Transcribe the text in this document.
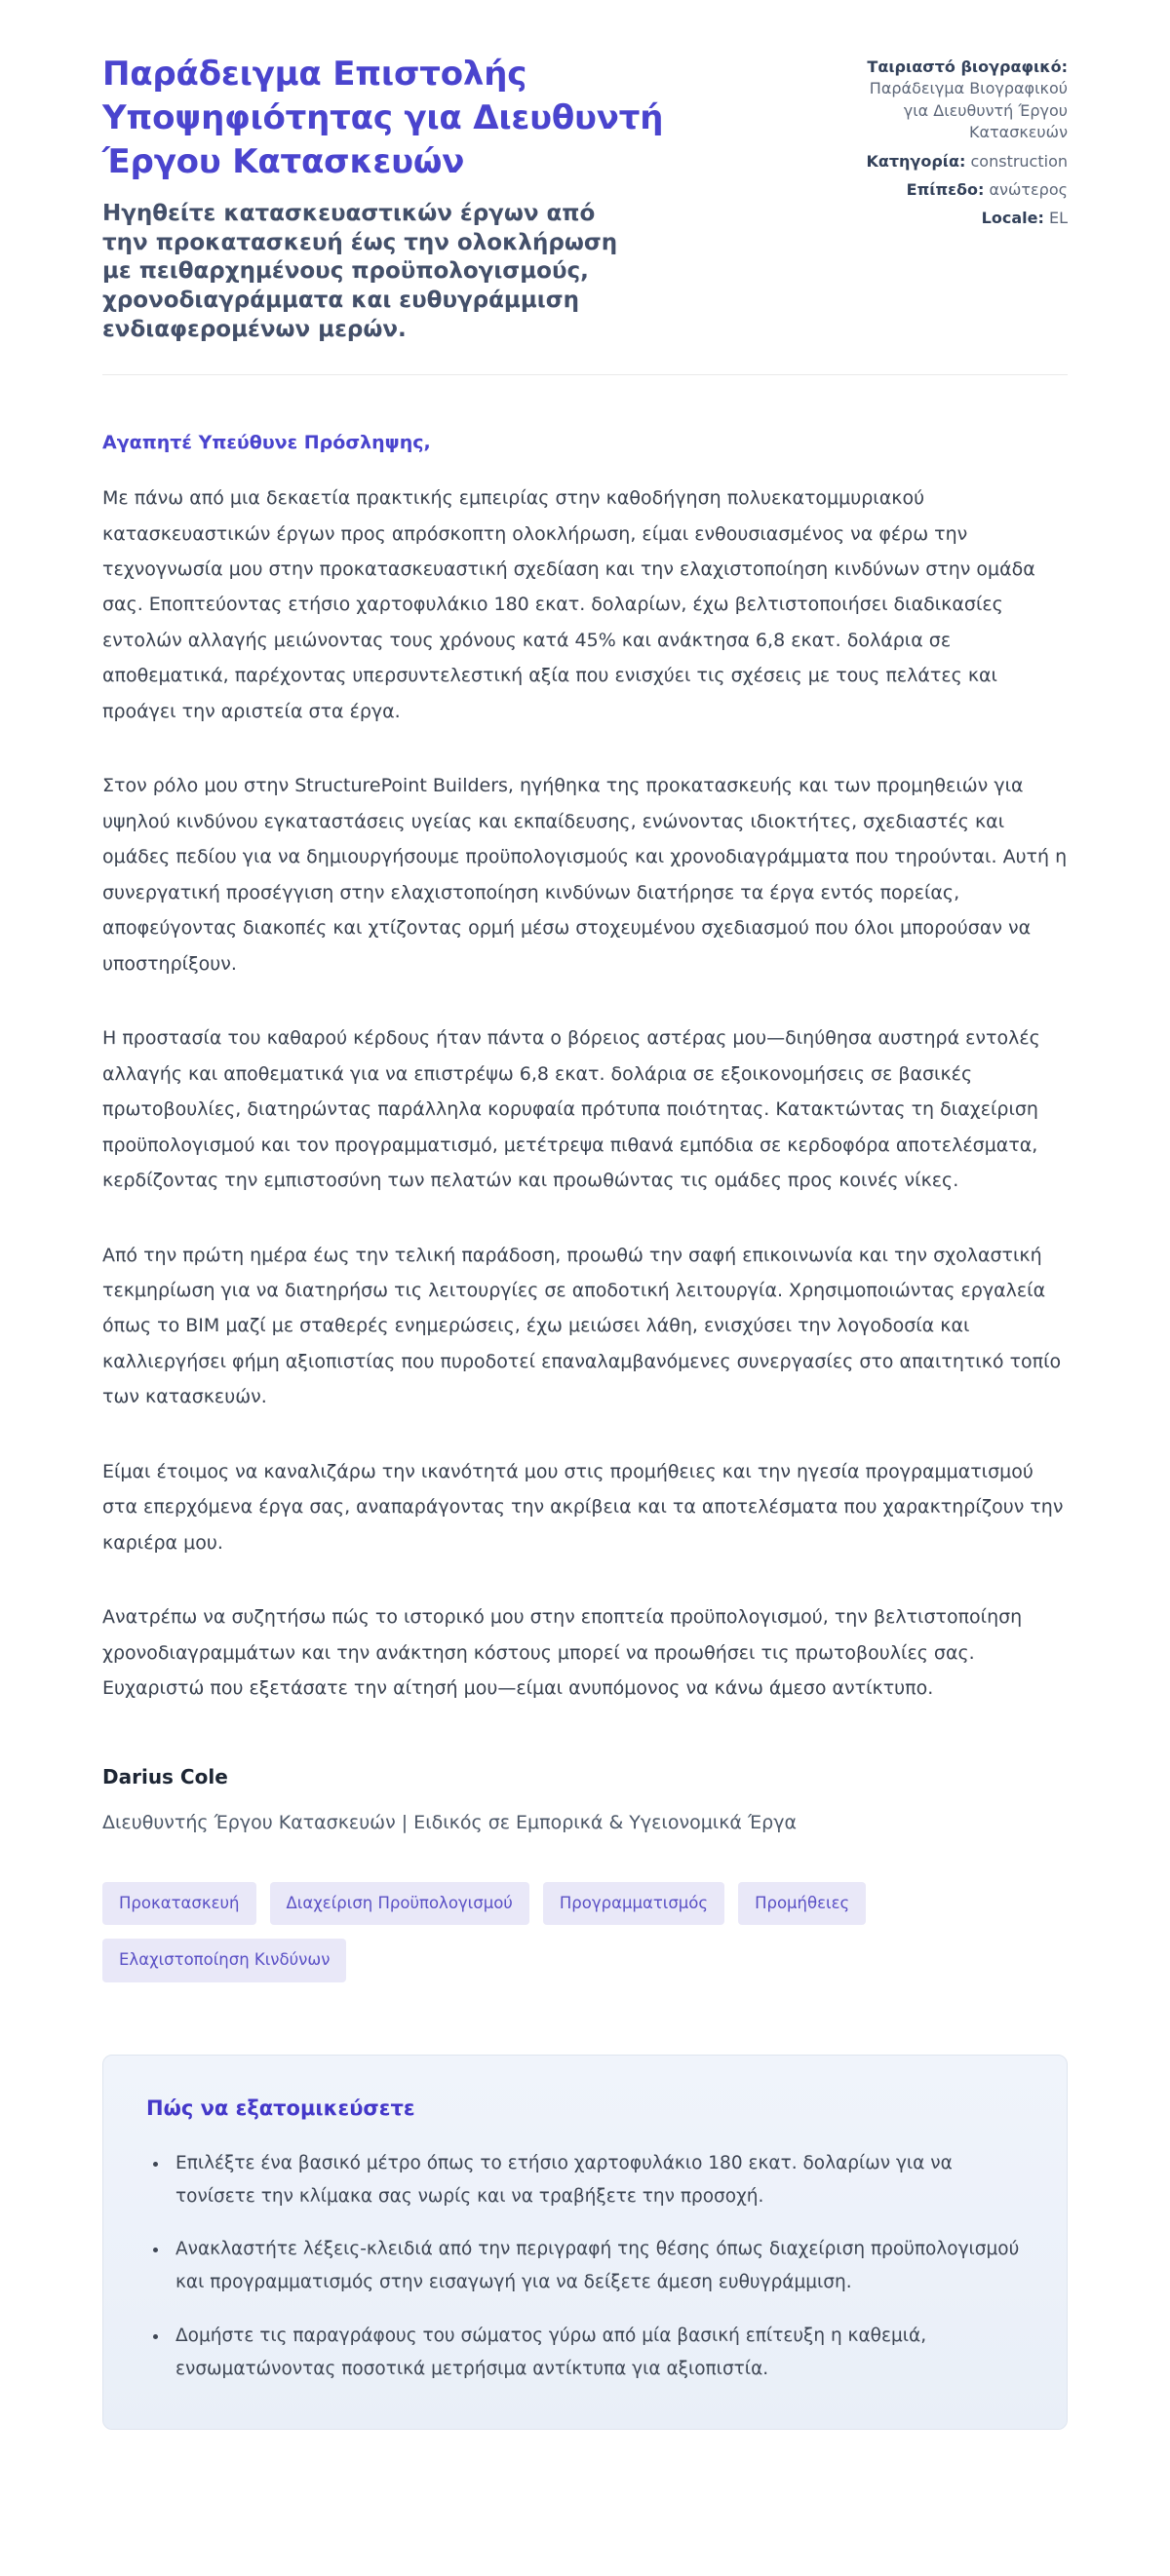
Παράδειγμα Επιστολής Υποψηφιότητας για Διευθυντή Έργου Κατασκευών

Ηγηθείτε κατασκευαστικών έργων από την προκατασκευή έως την ολοκλήρωση με πειθαρχημένους προϋπολογισμούς, χρονοδιαγράμματα και ευθυγράμμιση ενδιαφερομένων μερών.

Ταιριαστό βιογραφικό: Παράδειγμα Βιογραφικού για Διευθυντή Έργου Κατασκευών
Κατηγορία: construction
Επίπεδο: ανώτερος
Locale: EL

Αγαπητέ Υπεύθυνε Πρόσληψης,

Με πάνω από μια δεκαετία πρακτικής εμπειρίας στην καθοδήγηση πολυεκατομμυριακού κατασκευαστικών έργων προς απρόσκοπτη ολοκλήρωση, είμαι ενθουσιασμένος να φέρω την τεχνογνωσία μου στην προκατασκευαστική σχεδίαση και την ελαχιστοποίηση κινδύνων στην ομάδα σας. Εποπτεύοντας ετήσιο χαρτοφυλάκιο 180 εκατ. δολαρίων, έχω βελτιστοποιήσει διαδικασίες εντολών αλλαγής μειώνοντας τους χρόνους κατά 45% και ανάκτησα 6,8 εκατ. δολάρια σε αποθεματικά, παρέχοντας υπερσυντελεστική αξία που ενισχύει τις σχέσεις με τους πελάτες και προάγει την αριστεία στα έργα.

Στον ρόλο μου στην StructurePoint Builders, ηγήθηκα της προκατασκευής και των προμηθειών για υψηλού κινδύνου εγκαταστάσεις υγείας και εκπαίδευσης, ενώνοντας ιδιοκτήτες, σχεδιαστές και ομάδες πεδίου για να δημιουργήσουμε προϋπολογισμούς και χρονοδιαγράμματα που τηρούνται. Αυτή η συνεργατική προσέγγιση στην ελαχιστοποίηση κινδύνων διατήρησε τα έργα εντός πορείας, αποφεύγοντας διακοπές και χτίζοντας ορμή μέσω στοχευμένου σχεδιασμού που όλοι μπορούσαν να υποστηρίξουν.

Η προστασία του καθαρού κέρδους ήταν πάντα ο βόρειος αστέρας μου—διηύθησα αυστηρά εντολές αλλαγής και αποθεματικά για να επιστρέψω 6,8 εκατ. δολάρια σε εξοικονομήσεις σε βασικές πρωτοβουλίες, διατηρώντας παράλληλα κορυφαία πρότυπα ποιότητας. Κατακτώντας τη διαχείριση προϋπολογισμού και τον προγραμματισμό, μετέτρεψα πιθανά εμπόδια σε κερδοφόρα αποτελέσματα, κερδίζοντας την εμπιστοσύνη των πελατών και προωθώντας τις ομάδες προς κοινές νίκες.

Από την πρώτη ημέρα έως την τελική παράδοση, προωθώ την σαφή επικοινωνία και την σχολαστική τεκμηρίωση για να διατηρήσω τις λειτουργίες σε αποδοτική λειτουργία. Χρησιμοποιώντας εργαλεία όπως το BIM μαζί με σταθερές ενημερώσεις, έχω μειώσει λάθη, ενισχύσει την λογοδοσία και καλλιεργήσει φήμη αξιοπιστίας που πυροδοτεί επαναλαμβανόμενες συνεργασίες στο απαιτητικό τοπίο των κατασκευών.

Είμαι έτοιμος να καναλιζάρω την ικανότητά μου στις προμήθειες και την ηγεσία προγραμματισμού στα επερχόμενα έργα σας, αναπαράγοντας την ακρίβεια και τα αποτελέσματα που χαρακτηρίζουν την καριέρα μου.

Ανατρέπω να συζητήσω πώς το ιστορικό μου στην εποπτεία προϋπολογισμού, την βελτιστοποίηση χρονοδιαγραμμάτων και την ανάκτηση κόστους μπορεί να προωθήσει τις πρωτοβουλίες σας. Ευχαριστώ που εξετάσατε την αίτησή μου—είμαι ανυπόμονος να κάνω άμεσο αντίκτυπο.

Darius Cole

Διευθυντής Έργου Κατασκευών | Ειδικός σε Εμπορικά & Υγειονομικά Έργα

Προκατασκευή	Διαχείριση Προϋπολογισμού	Προγραμματισμός	Προμήθειες
Ελαχιστοποίηση Κινδύνων
Πώς να εξατομικεύσετε
• Επιλέξτε ένα βασικό μέτρο όπως το ετήσιο χαρτοφυλάκιο 180 εκατ. δολαρίων για να τονίσετε την κλίμακα σας νωρίς και να τραβήξετε την προσοχή.
• Ανακλαστήτε λέξεις-κλειδιά από την περιγραφή της θέσης όπως διαχείριση προϋπολογισμού και προγραμματισμός στην εισαγωγή για να δείξετε άμεση ευθυγράμμιση.
• Δομήστε τις παραγράφους του σώματος γύρω από μία βασική επίτευξη η καθεμιά, ενσωματώνοντας ποσοτικά μετρήσιμα αντίκτυπα για αξιοπιστία.
